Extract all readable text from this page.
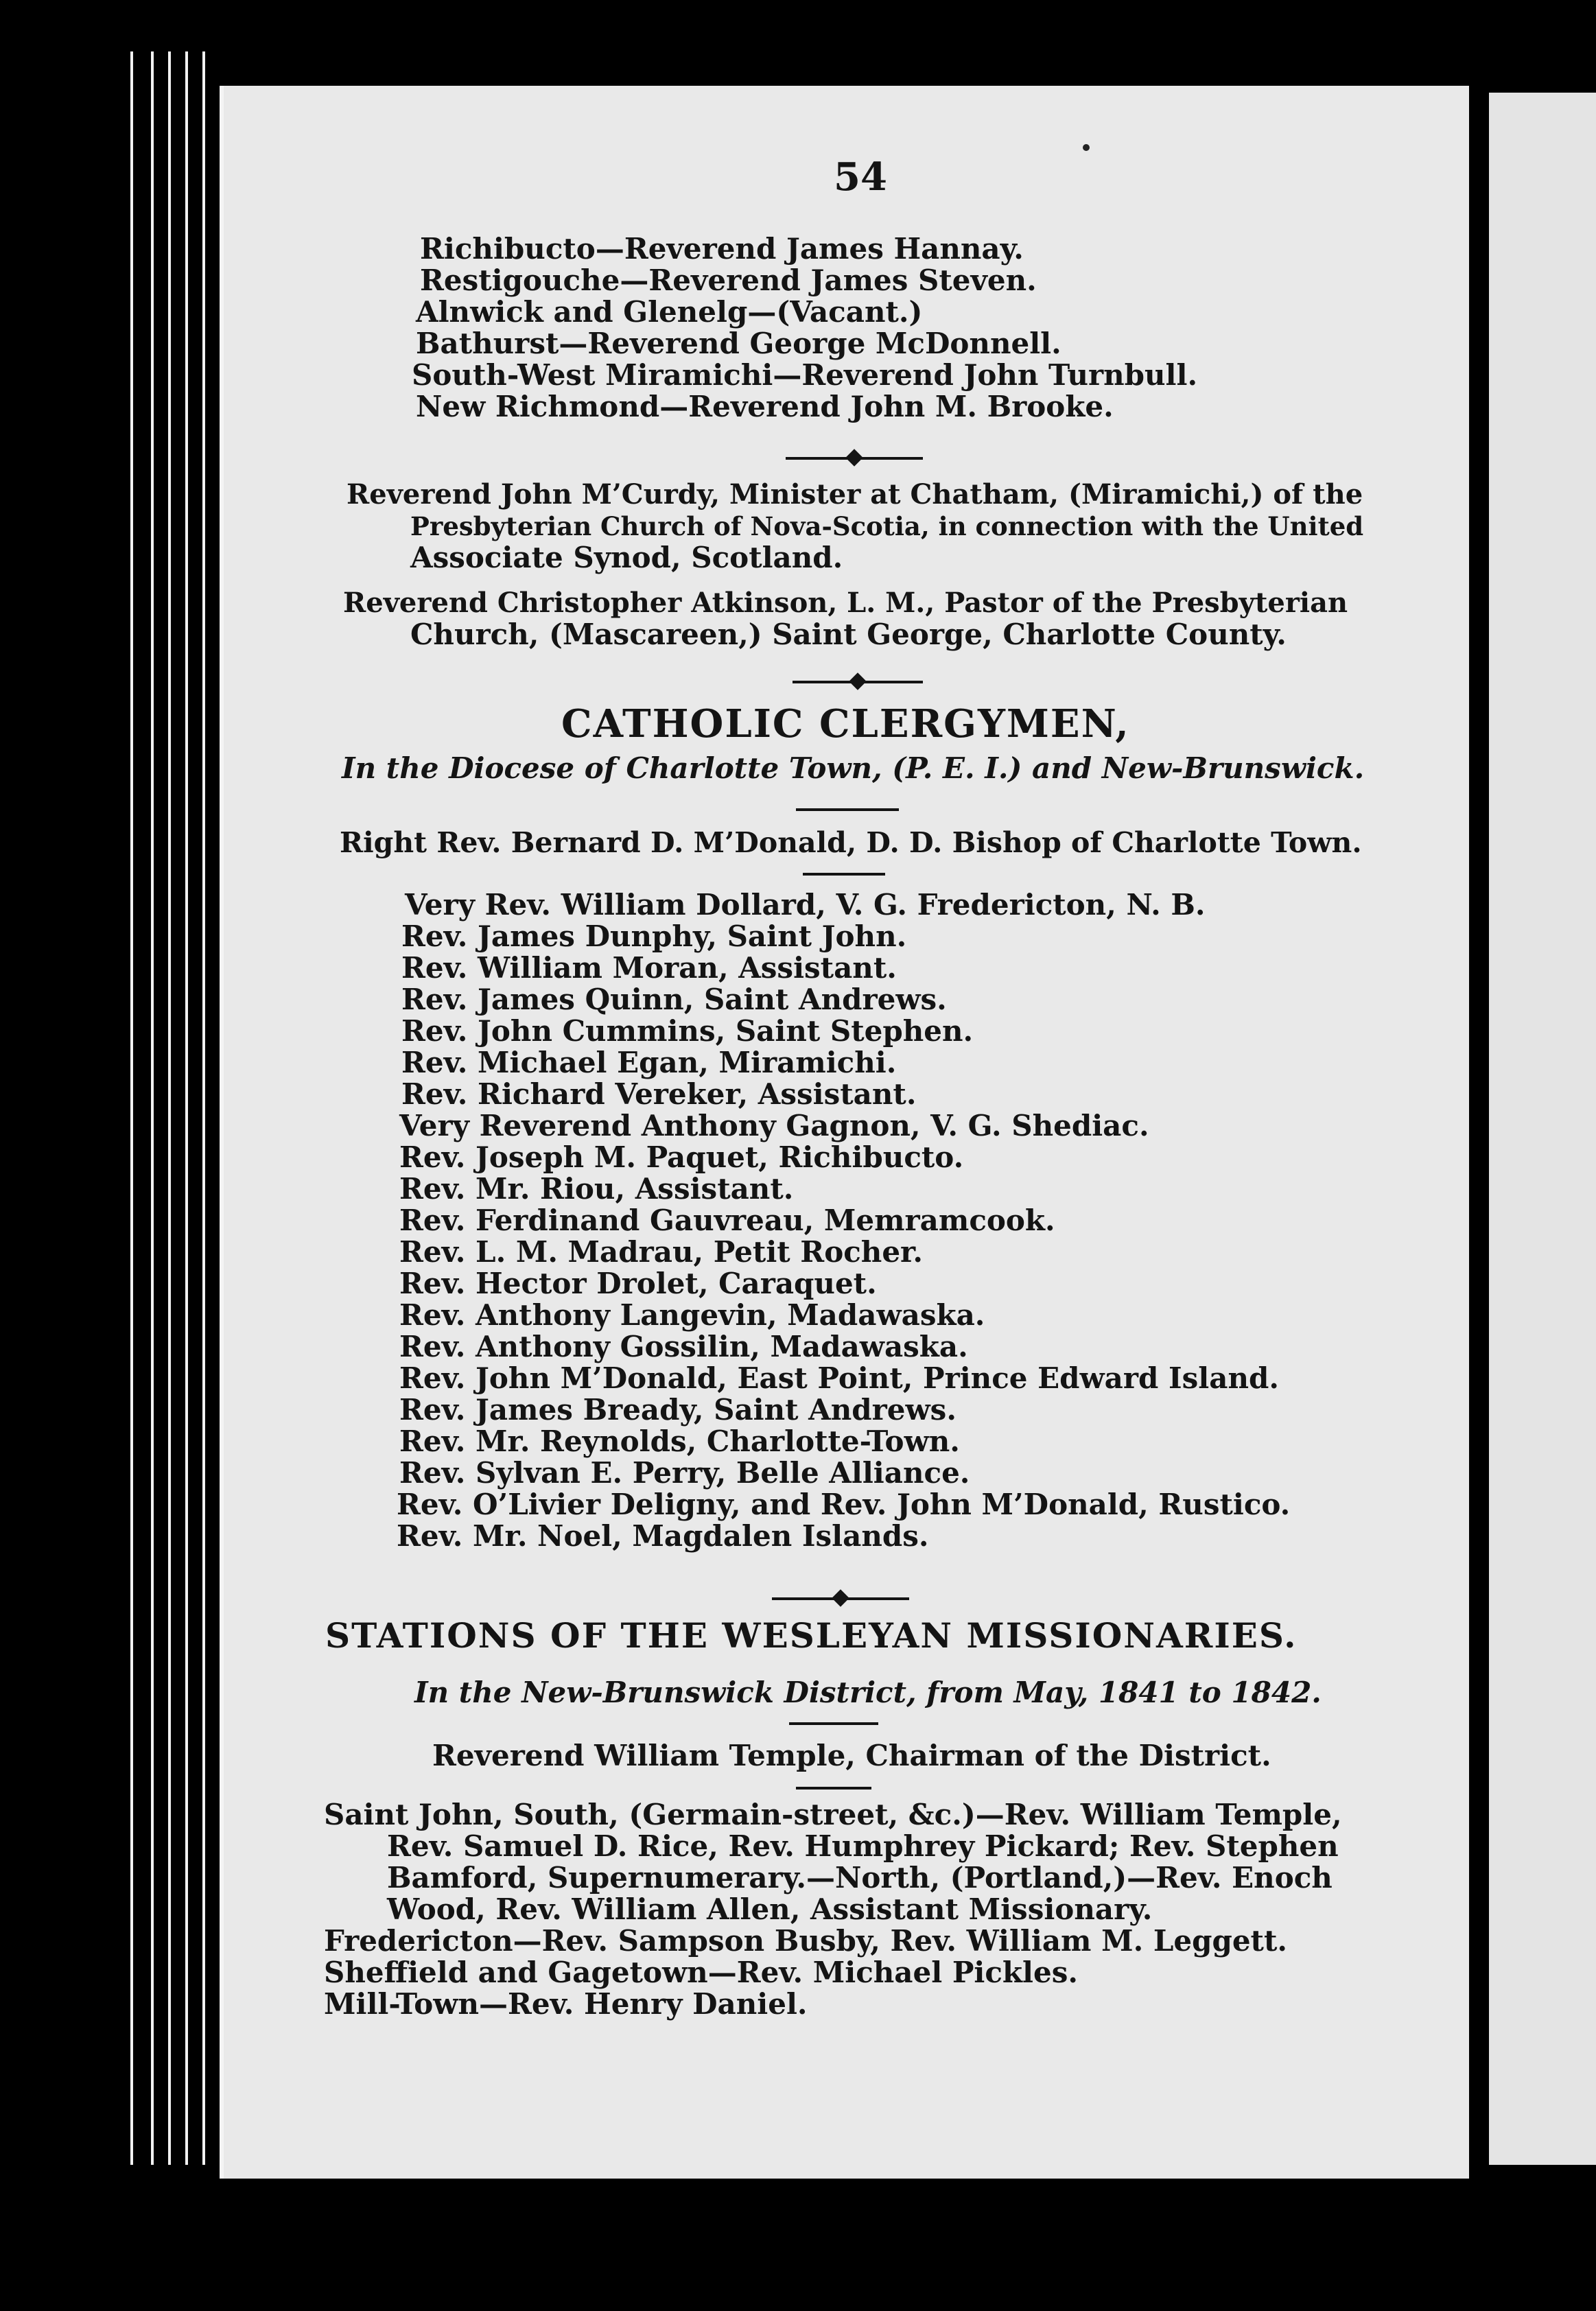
54
Richibucto—Reverend James Hannay.
Restigouche—Reverend James Steven.
Alnwick and Glenelg—(Vacant.)
Bathurst—Reverend George McDonnell.
South-West Miramichi—Reverend John Turnbull.
New Richmond—Reverend John M. Brooke.
Reverend John M’Curdy, Minister at Chatham, (Miramichi,) of the
Presbyterian Church of Nova-Scotia, in connection with the United
Associate Synod, Scotland.
Reverend Christopher Atkinson, L. M., Pastor of the Presbyterian
Church, (Mascareen,) Saint George, Charlotte County.
CATHOLIC CLERGYMEN,
In the Diocese of Charlotte Town, (P. E. I.) and New-Brunswick.
Right Rev. Bernard D. M’Donald, D. D. Bishop of Charlotte Town.
Very Rev. William Dollard, V. G. Fredericton, N. B.
Rev. James Dunphy, Saint John.
Rev. William Moran, Assistant.
Rev. James Quinn, Saint Andrews.
Rev. John Cummins, Saint Stephen.
Rev. Michael Egan, Miramichi.
Rev. Richard Vereker, Assistant.
Very Reverend Anthony Gagnon, V. G. Shediac.
Rev. Joseph M. Paquet, Richibucto.
Rev. Mr. Riou, Assistant.
Rev. Ferdinand Gauvreau, Memramcook.
Rev. L. M. Madrau, Petit Rocher.
Rev. Hector Drolet, Caraquet.
Rev. Anthony Langevin, Madawaska.
Rev. Anthony Gossilin, Madawaska.
Rev. John M’Donald, East Point, Prince Edward Island.
Rev. James Bready, Saint Andrews.
Rev. Mr. Reynolds, Charlotte-Town.
Rev. Sylvan E. Perry, Belle Alliance.
Rev. O’Livier Deligny, and Rev. John M’Donald, Rustico.
Rev. Mr. Noel, Magdalen Islands.
STATIONS OF THE WESLEYAN MISSIONARIES.
In the New-Brunswick District, from May, 1841 to 1842.
Reverend William Temple, Chairman of the District.
Saint John, South, (Germain-street, &c.)—Rev. William Temple,
Rev. Samuel D. Rice, Rev. Humphrey Pickard; Rev. Stephen
Bamford, Supernumerary.—North, (Portland,)—Rev. Enoch
Wood, Rev. William Allen, Assistant Missionary.
Fredericton—Rev. Sampson Busby, Rev. William M. Leggett.
Sheffield and Gagetown—Rev. Michael Pickles.
Mill-Town—Rev. Henry Daniel.
